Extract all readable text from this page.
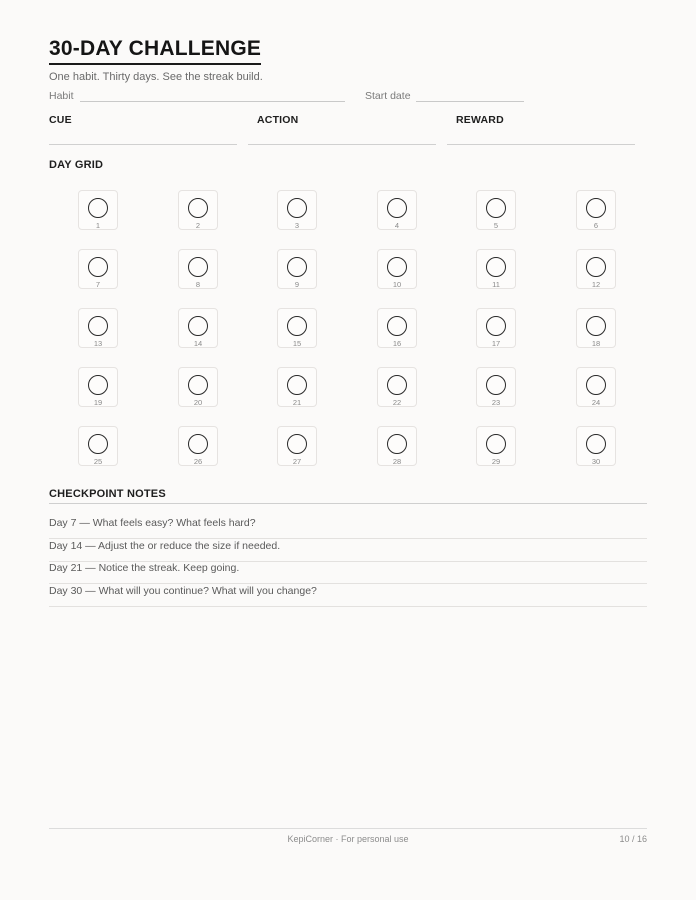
30-DAY CHALLENGE
One habit. Thirty days. See the streak build.
Habit	Start date
CUE	ACTION	REWARD
DAY GRID
1	2	3	4	5	6
7	8	9	10	11	12
13	14	15	16	17	18
19	20	21	22	23	24
25	26	27	28	29	30
CHECKPOINT NOTES
Day 7 — What feels easy? What feels hard?
Day 14 — Adjust the or reduce the size if needed.
Day 21 — Notice the streak. Keep going.
Day 30 — What will you continue? What will you change?
KepiCorner · For personal use	10 / 16
